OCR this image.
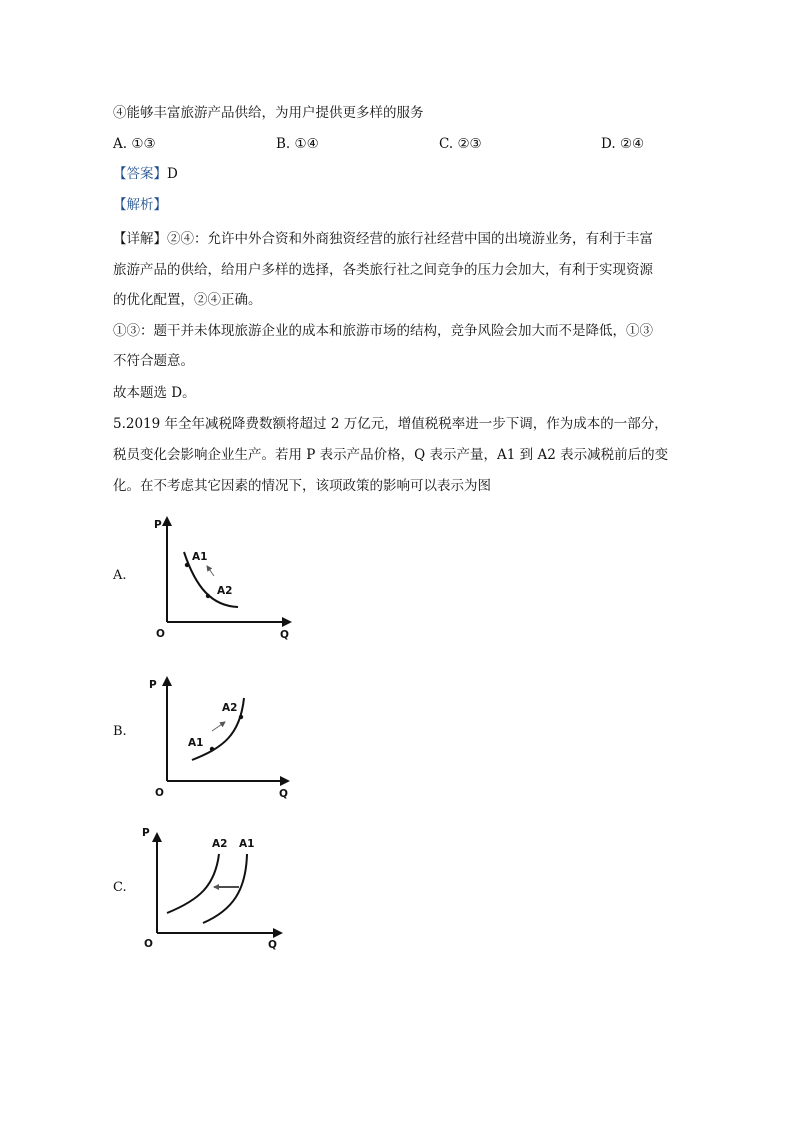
④能够丰富旅游产品供给，为用户提供更多样的服务
A. ①③	B. ①④	C. ②③	D. ②④
【答案】D
【解析】
【详解】②④：允许中外合资和外商独资经营的旅行社经营中国的出境游业务，有利于丰富
旅游产品的供给，给用户多样的选择，各类旅行社之间竞争的压力会加大，有利于实现资源
的优化配置，②④正确。
①③：题干并未体现旅游企业的成本和旅游市场的结构，竞争风险会加大而不是降低，①③
不符合题意。
故本题选 D。
5.2019 年全年减税降费数额将超过 2 万亿元，增值税税率进一步下调，作为成本的一部分，
税员变化会影响企业生产。若用 P 表示产品价格，Q 表示产量，A1 到 A2 表示减税前后的变
化。在不考虑其它因素的情况下，该项政策的影响可以表示为图
A.
P
Q
O
A1
A2
B.
P
Q
O
A2
A1
C.
P
Q
O
A2 A1
